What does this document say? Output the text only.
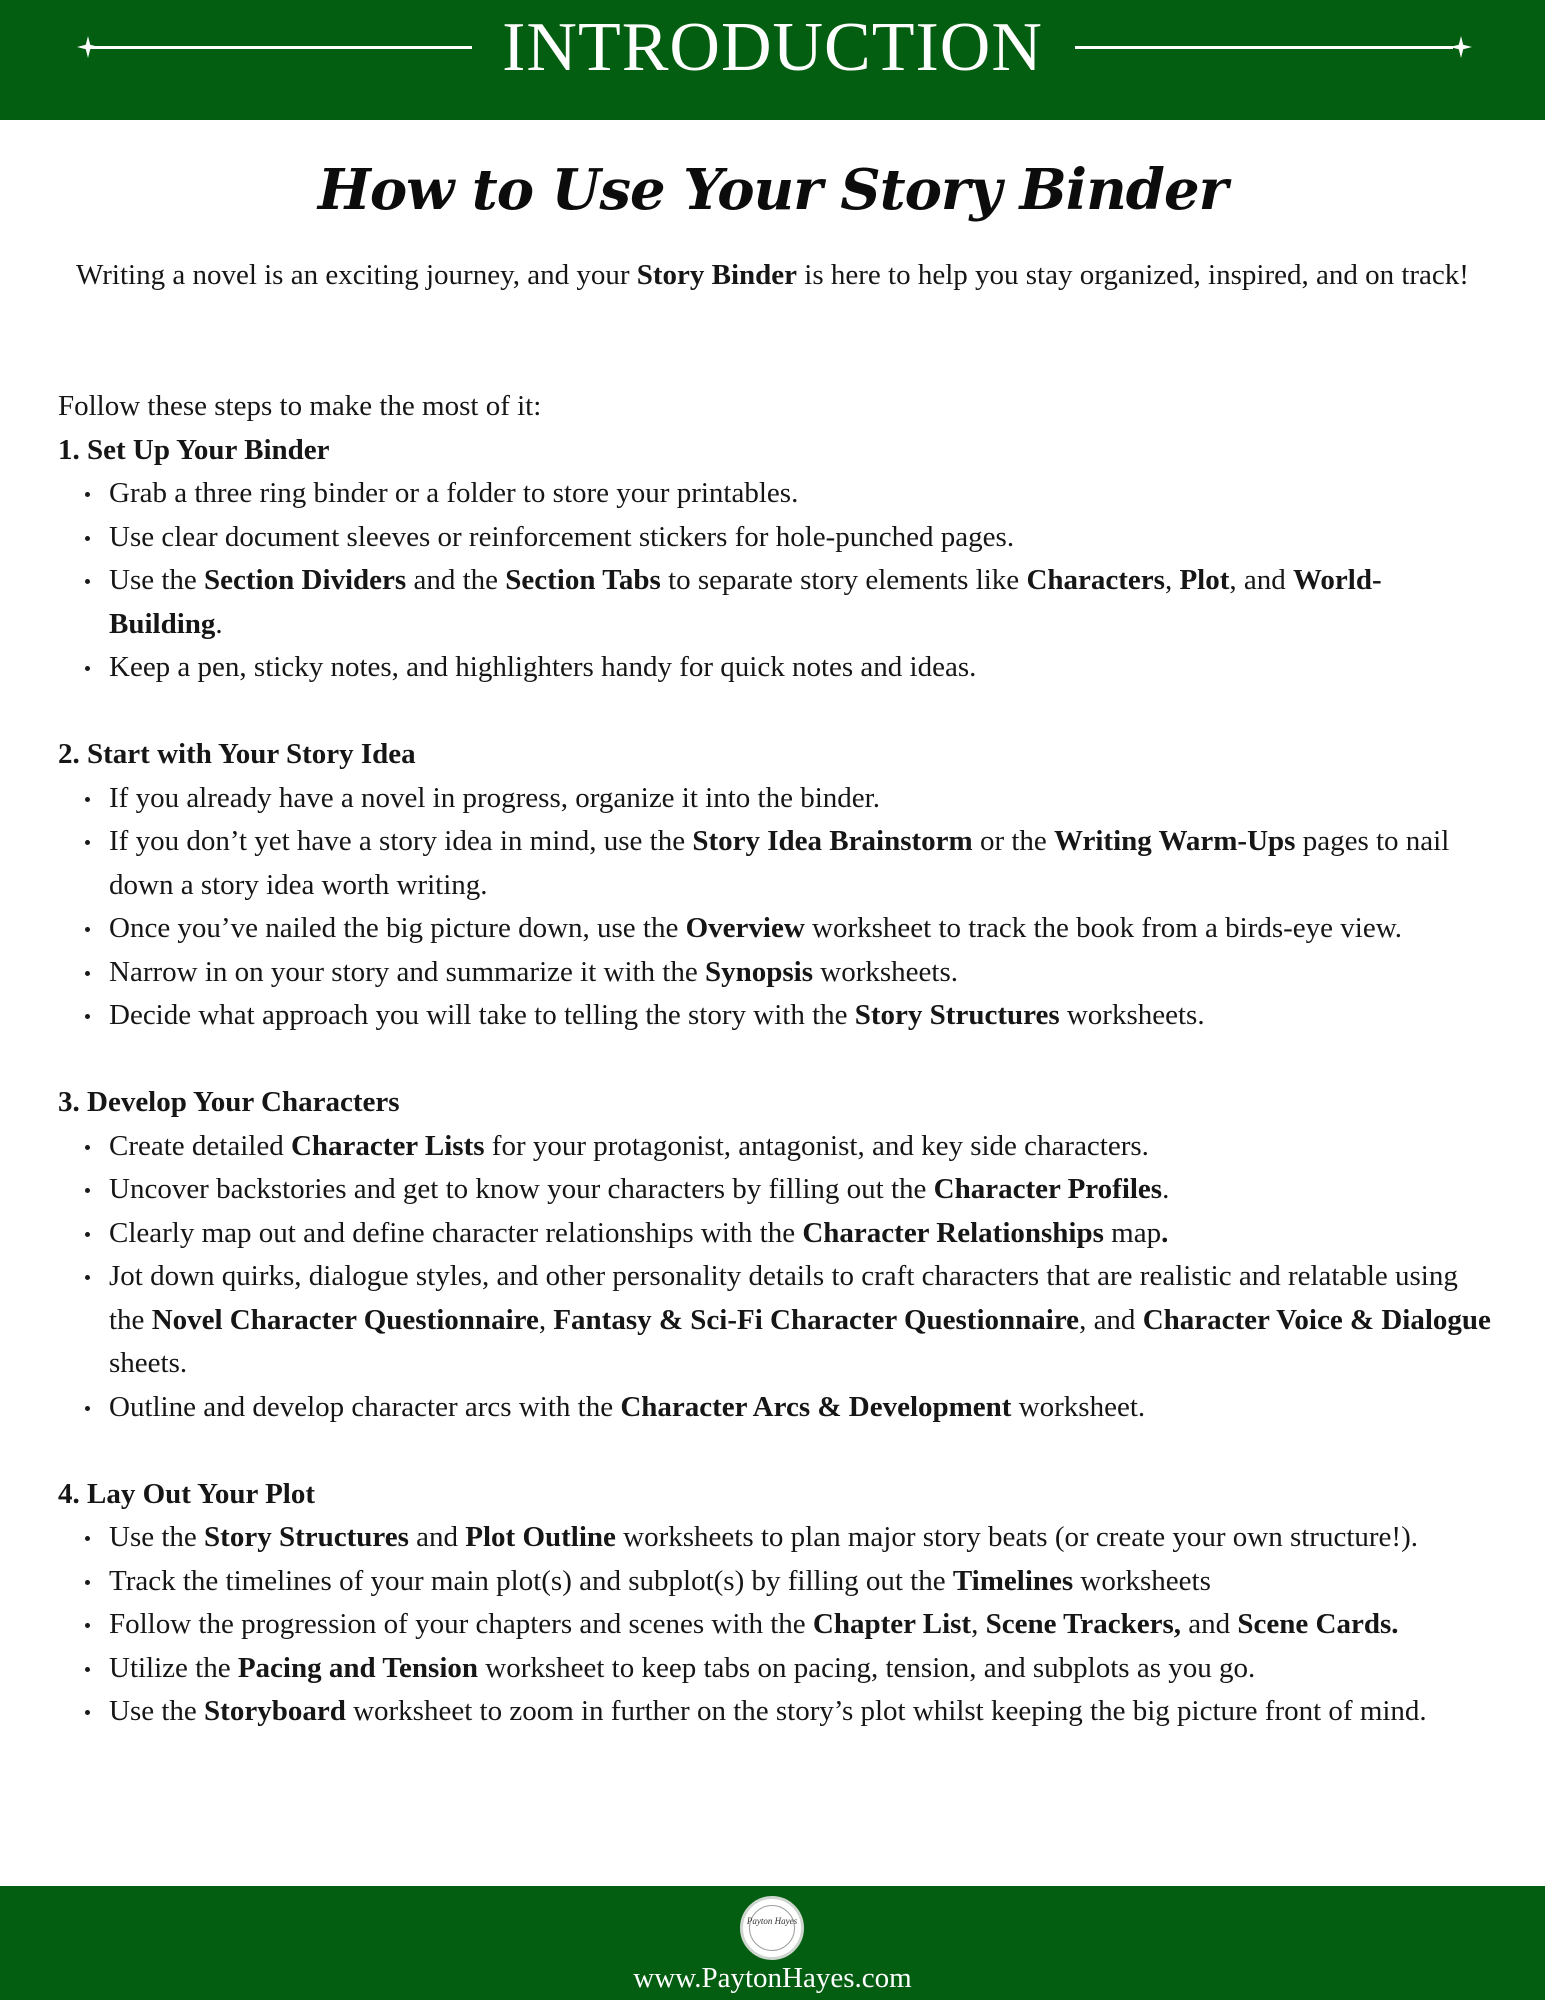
INTRODUCTION
How to Use Your Story Binder
Writing a novel is an exciting journey, and your Story Binder is here to help you stay organized, inspired, and on track!

Follow these steps to make the most of it:

1. Set Up Your Binder

Grab a three ring binder or a folder to store your printables.
Use clear document sleeves or reinforcement stickers for hole-punched pages.
Use the Section Dividers and the Section Tabs to separate story elements like Characters, Plot, and World-Building.
Keep a pen, sticky notes, and highlighters handy for quick notes and ideas.

2. Start with Your Story Idea

If you already have a novel in progress, organize it into the binder.
If you don’t yet have a story idea in mind, use the Story Idea Brainstorm or the Writing Warm-Ups pages to nail down a story idea worth writing.
Once you’ve nailed the big picture down, use the Overview worksheet to track the book from a birds-eye view.
Narrow in on your story and summarize it with the Synopsis worksheets.
Decide what approach you will take to telling the story with the Story Structures worksheets.

3. Develop Your Characters

Create detailed Character Lists for your protagonist, antagonist, and key side characters.
Uncover backstories and get to know your characters by filling out the Character Profiles.
Clearly map out and define character relationships with the Character Relationships map.
Jot down quirks, dialogue styles, and other personality details to craft characters that are realistic and relatable using the Novel Character Questionnaire, Fantasy & Sci-Fi Character Questionnaire, and Character Voice & Dialogue sheets.
Outline and develop character arcs with the Character Arcs & Development worksheet.

4. Lay Out Your Plot

Use the Story Structures and Plot Outline worksheets to plan major story beats (or create your own structure!).
Track the timelines of your main plot(s) and subplot(s) by filling out the Timelines worksheets
Follow the progression of your chapters and scenes with the Chapter List, Scene Trackers, and Scene Cards.
Utilize the Pacing and Tension worksheet to keep tabs on pacing, tension, and subplots as you go.
Use the Storyboard worksheet to zoom in further on the story’s plot whilst keeping the big picture front of mind.
Payton Hayes
www.PaytonHayes.com
